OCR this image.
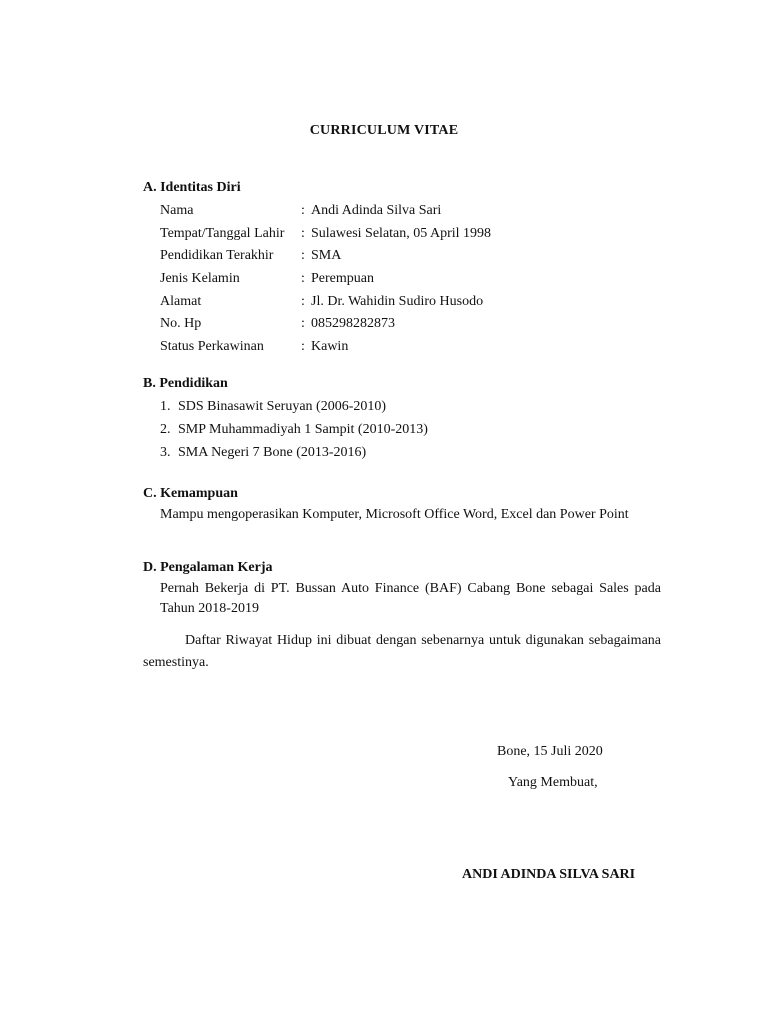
CURRICULUM VITAE
A. Identitas Diri
Nama	: Andi Adinda Silva Sari
Tempat/Tanggal Lahir : Sulawesi Selatan, 05 April 1998
Pendidikan Terakhir : SMA
Jenis Kelamin	: Perempuan
Alamat	: Jl. Dr. Wahidin Sudiro Husodo
No. Hp	: 085298282873
Status Perkawinan	: Kawin
B. Pendidikan
1. SDS Binasawit Seruyan (2006-2010)
2. SMP Muhammadiyah 1 Sampit (2010-2013)
3. SMA Negeri 7 Bone (2013-2016)
C. Kemampuan
Mampu mengoperasikan Komputer, Microsoft Office Word, Excel dan Power Point
D. Pengalaman Kerja
Pernah Bekerja di PT. Bussan Auto Finance (BAF) Cabang Bone sebagai Sales pada Tahun 2018-2019
Daftar Riwayat Hidup ini dibuat dengan sebenarnya untuk digunakan sebagaimana semestinya.
Bone, 15 Juli 2020
Yang Membuat,
ANDI ADINDA SILVA SARI
